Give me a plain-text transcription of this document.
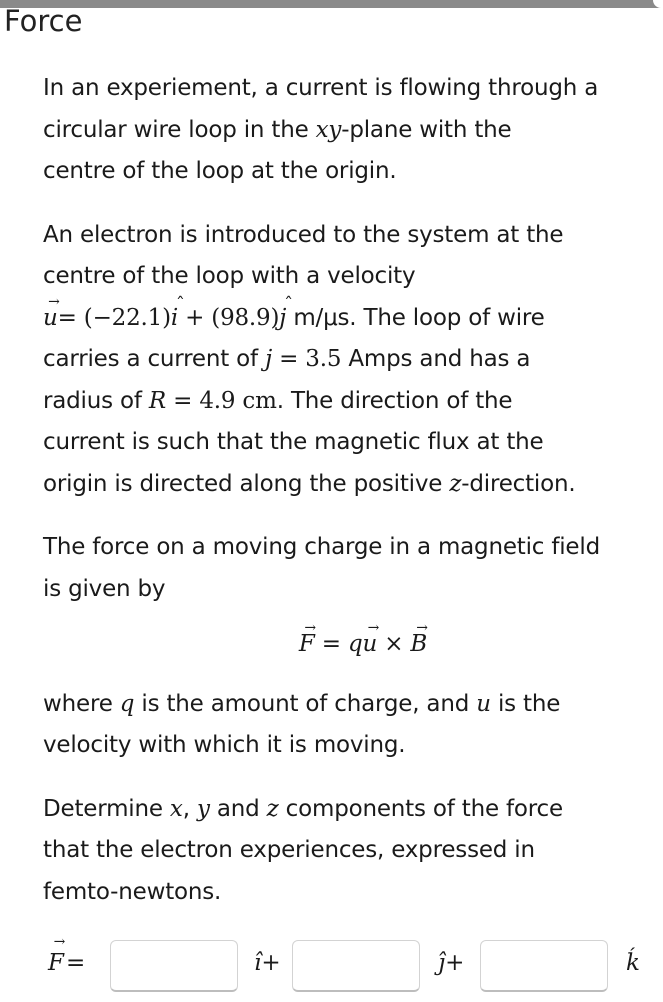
Force
In an experiement, a current is flowing through a
circular wire loop in the xy-plane with the
centre of the loop at the origin.
An electron is introduced to the system at the
centre of the loop with a velocity
u →= (−22.1)i ˆ + (98.9)j ˆ m/μs. The loop of wire
carries a current of j = 3.5 Amps and has a
radius of R = 4.9 cm. The direction of the
current is such that the magnetic flux at the
origin is directed along the positive z-direction.
The force on a moving charge in a magnetic field
is given by
F → = qu → × B →
where q is the amount of charge, and u is the
velocity with which it is moving.
Determine x, y and z components of the force
that the electron experiences, expressed in
femto-newtons.
F → =	î+	ĵ+	ḱ
